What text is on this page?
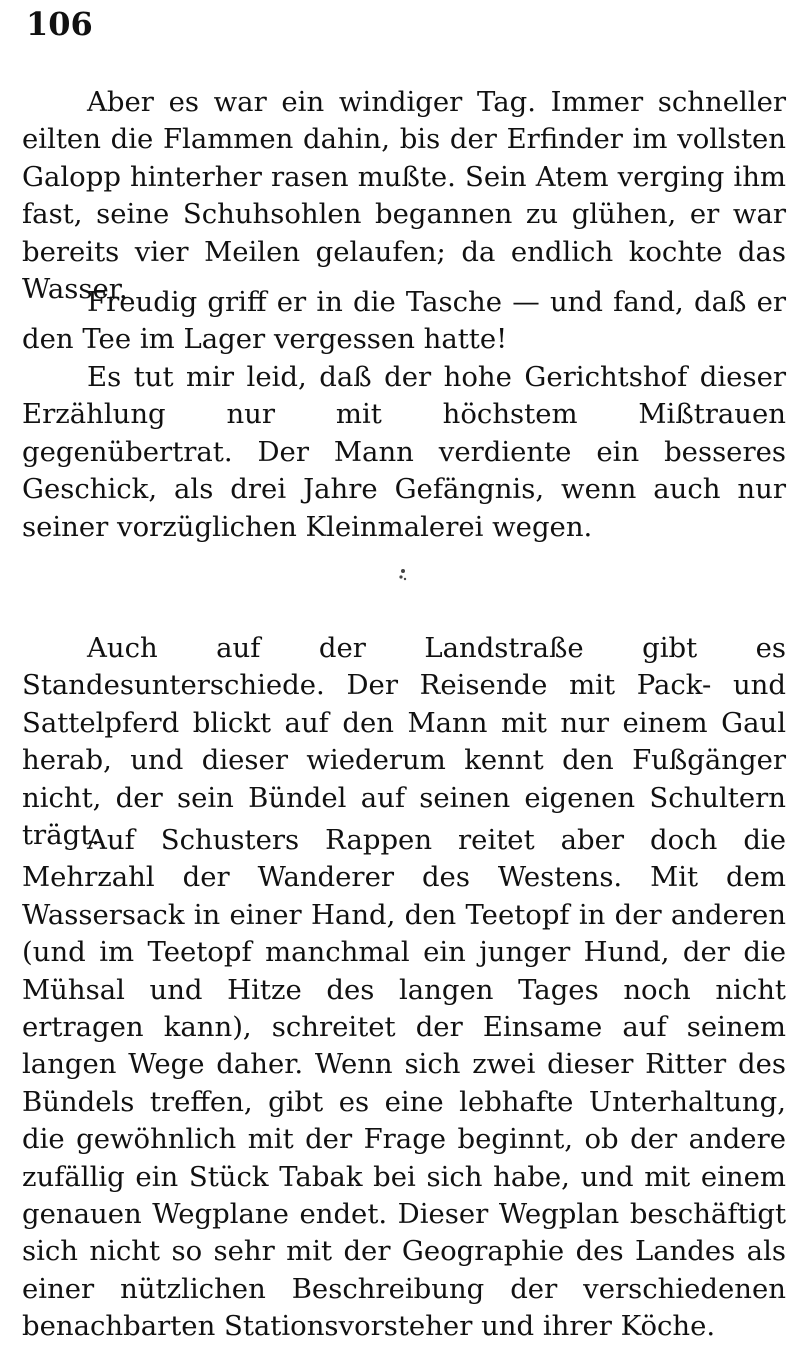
106

Aber es war ein windiger Tag. Immer schneller eilten die Flammen dahin, bis der Erfinder im vollsten Galopp hinterher rasen mußte. Sein Atem verging ihm fast, seine Schuhsohlen begannen zu glühen, er war bereits vier Meilen gelaufen; da endlich kochte das Wasser.

Freudig griff er in die Tasche — und fand, daß er den Tee im Lager vergessen hatte!

Es tut mir leid, daß der hohe Gerichtshof dieser Erzählung nur mit höchstem Mißtrauen gegenübertrat. Der Mann verdiente ein besseres Geschick, als drei Jahre Gefängnis, wenn auch nur seiner vorzüglichen Kleinmalerei wegen.

Auch auf der Landstraße gibt es Standesunterschiede. Der Reisende mit Pack- und Sattelpferd blickt auf den Mann mit nur einem Gaul herab, und dieser wiederum kennt den Fußgänger nicht, der sein Bündel auf seinen eigenen Schultern trägt.

Auf Schusters Rappen reitet aber doch die Mehrzahl der Wanderer des Westens. Mit dem Wassersack in einer Hand, den Teetopf in der anderen (und im Teetopf manchmal ein junger Hund, der die Mühsal und Hitze des langen Tages noch nicht ertragen kann), schreitet der Einsame auf seinem langen Wege daher. Wenn sich zwei dieser Ritter des Bündels treffen, gibt es eine lebhafte Unterhaltung, die gewöhnlich mit der Frage beginnt, ob der andere zufällig ein Stück Tabak bei sich habe, und mit einem genauen Wegplane endet. Dieser Wegplan beschäftigt sich nicht so sehr mit der Geographie des Landes als einer nützlichen Beschreibung der verschiedenen benachbarten Stationsvorsteher und ihrer Köche.
